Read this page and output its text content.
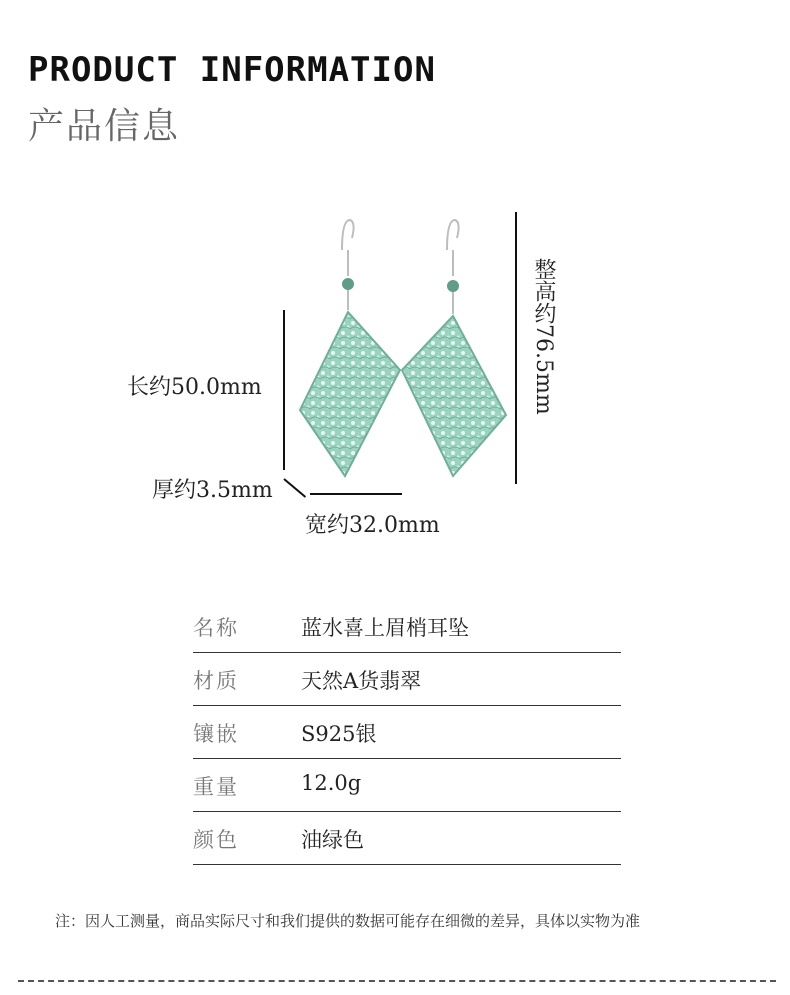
PRODUCT INFORMATION
产品信息
长约50.0mm
厚约3.5mm
宽约32.0mm
整高约76.5mm
名称	蓝水喜上眉梢耳坠
材质	天然A货翡翠
镶嵌	S925银
重量	12.0g
颜色	油绿色
注：因人工测量，商品实际尺寸和我们提供的数据可能存在细微的差异，具体以实物为准
